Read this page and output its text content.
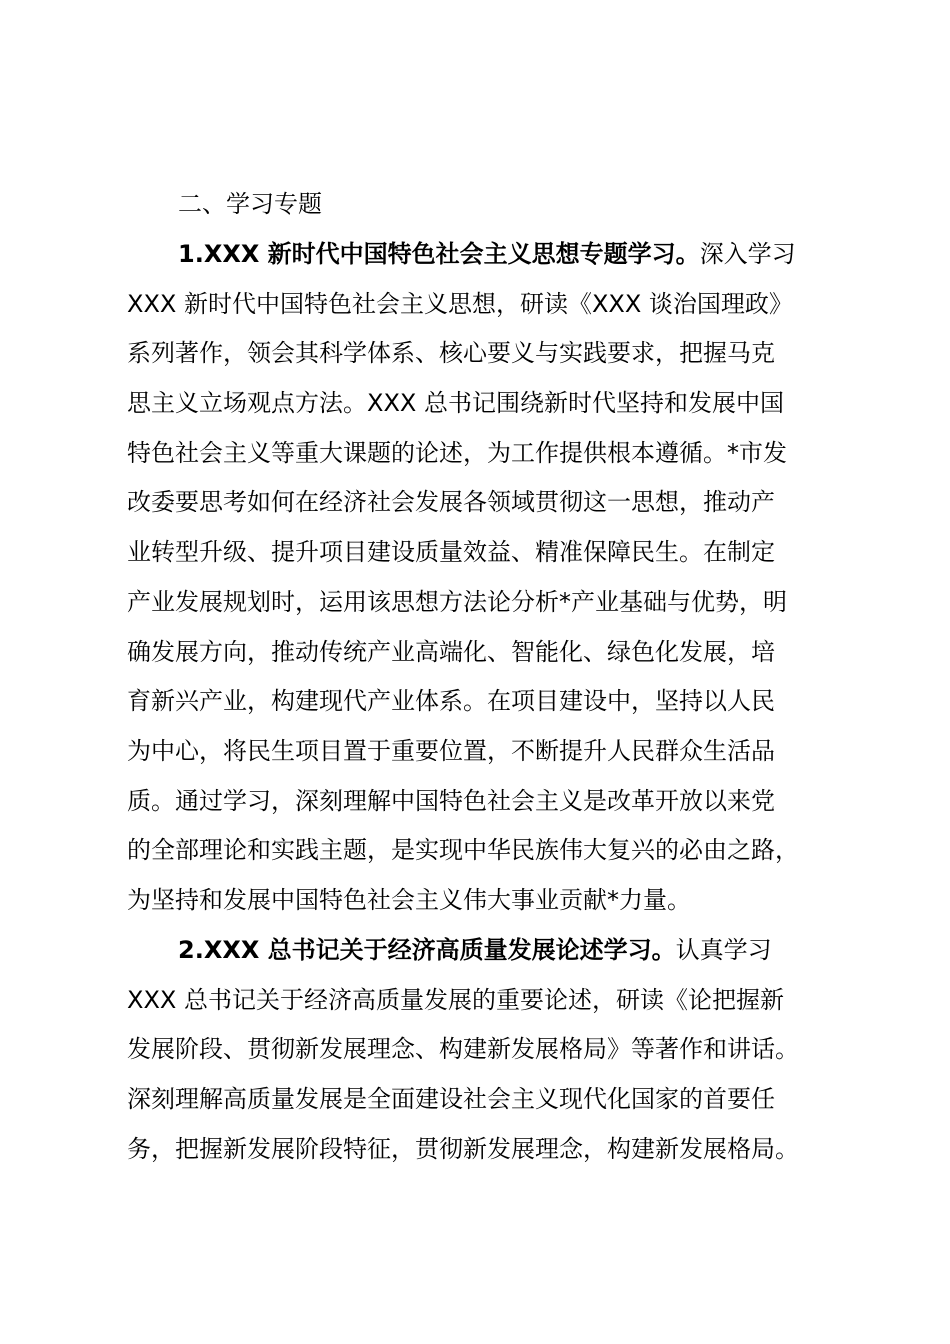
二、学习专题
1.XXX 新时代中国特色社会主义思想专题学习。深入学习
XXX 新时代中国特色社会主义思想，研读《XXX 谈治国理政》
系列著作，领会其科学体系、核心要义与实践要求，把握马克
思主义立场观点方法。XXX 总书记围绕新时代坚持和发展中国
特色社会主义等重大课题的论述，为工作提供根本遵循。*市发
改委要思考如何在经济社会发展各领域贯彻这一思想，推动产
业转型升级、提升项目建设质量效益、精准保障民生。在制定
产业发展规划时，运用该思想方法论分析*产业基础与优势，明
确发展方向，推动传统产业高端化、智能化、绿色化发展，培
育新兴产业，构建现代产业体系。在项目建设中，坚持以人民
为中心，将民生项目置于重要位置，不断提升人民群众生活品
质。通过学习，深刻理解中国特色社会主义是改革开放以来党
的全部理论和实践主题，是实现中华民族伟大复兴的必由之路，
为坚持和发展中国特色社会主义伟大事业贡献*力量。
2.XXX 总书记关于经济高质量发展论述学习。认真学习
XXX 总书记关于经济高质量发展的重要论述，研读《论把握新
发展阶段、贯彻新发展理念、构建新发展格局》等著作和讲话。
深刻理解高质量发展是全面建设社会主义现代化国家的首要任
务，把握新发展阶段特征，贯彻新发展理念，构建新发展格局。
